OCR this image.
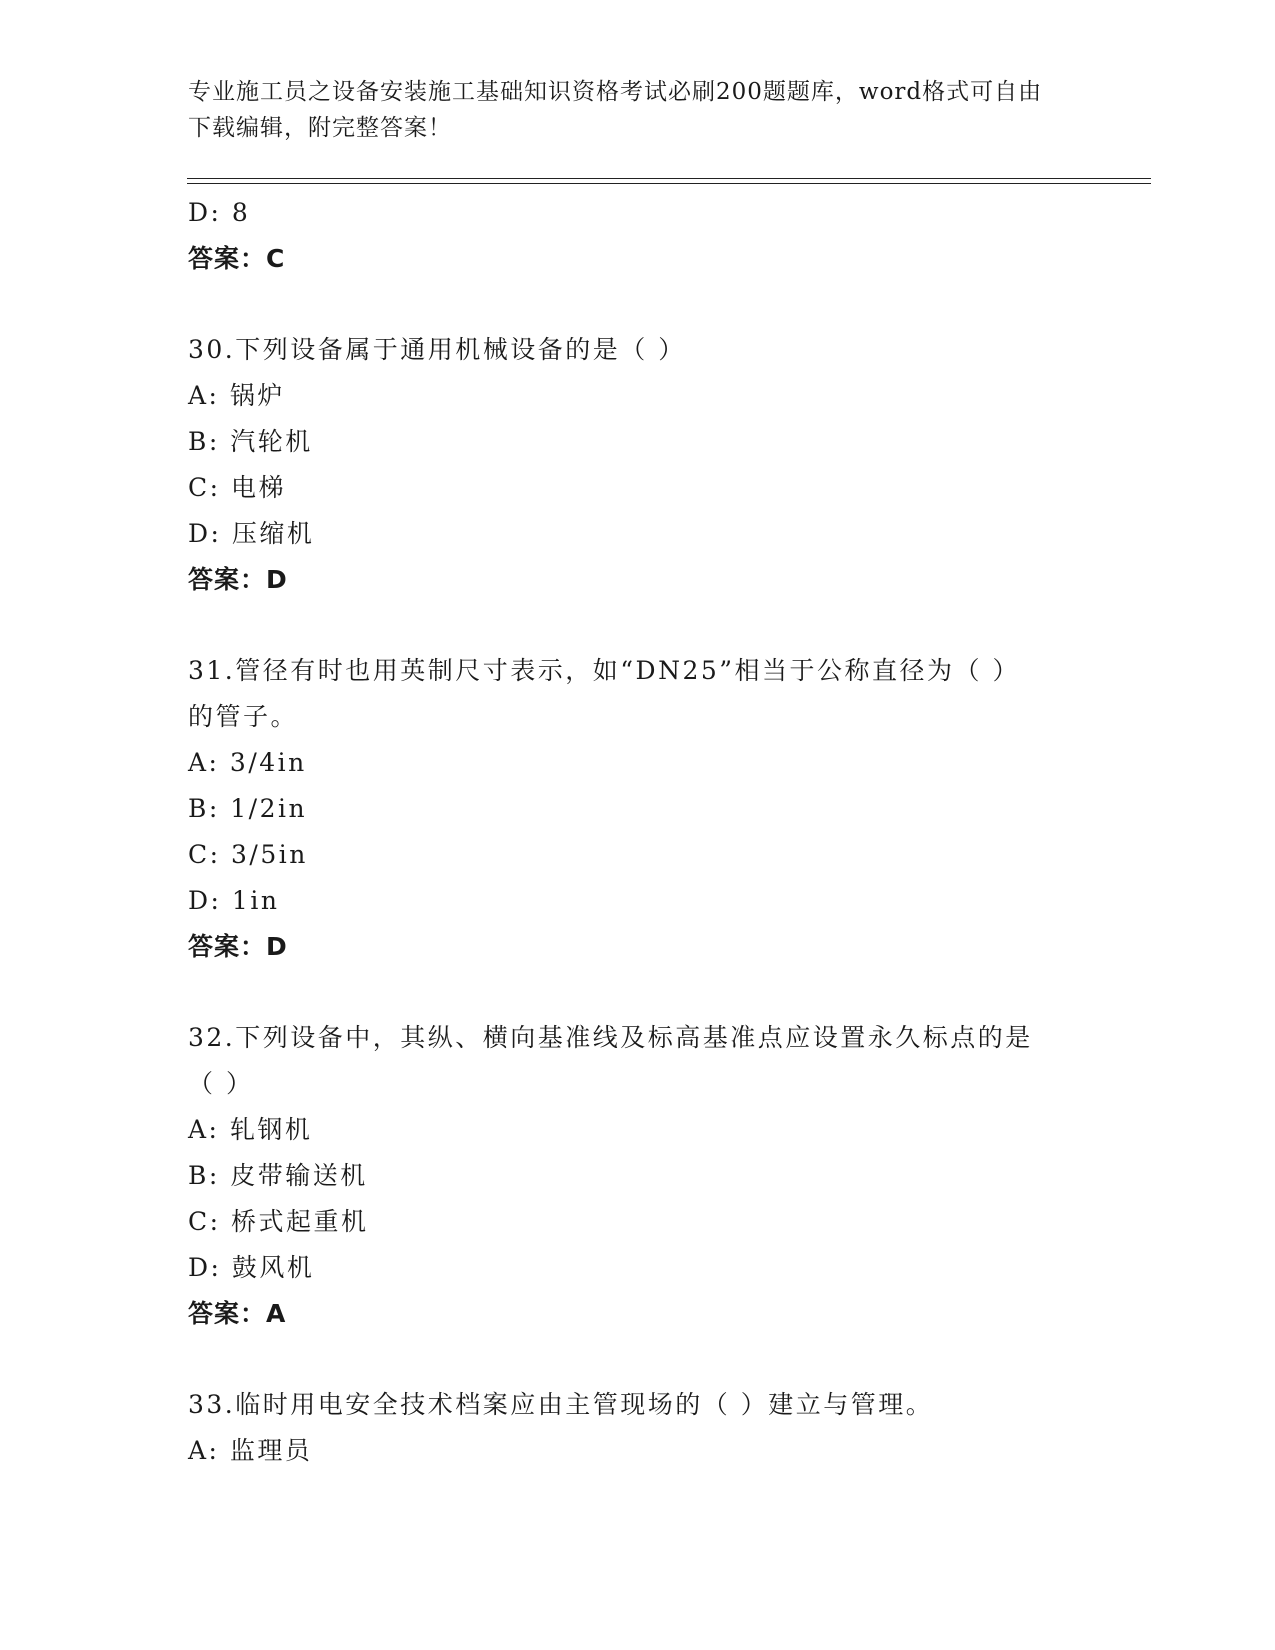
专业施工员之设备安装施工基础知识资格考试必刷200题题库，word格式可自由
下载编辑，附完整答案！
D: 8
答案：C
30.下列设备属于通用机械设备的是（ ）
A: 锅炉
B: 汽轮机
C: 电梯
D: 压缩机
答案：D
31.管径有时也用英制尺寸表示，如“DN25”相当于公称直径为（ ）
的管子。
A: 3/4in
B: 1/2in
C: 3/5in
D: 1in
答案：D
32.下列设备中，其纵、横向基准线及标高基准点应设置永久标点的是
（ ）
A: 轧钢机
B: 皮带输送机
C: 桥式起重机
D: 鼓风机
答案：A
33.临时用电安全技术档案应由主管现场的（ ）建立与管理。
A: 监理员
